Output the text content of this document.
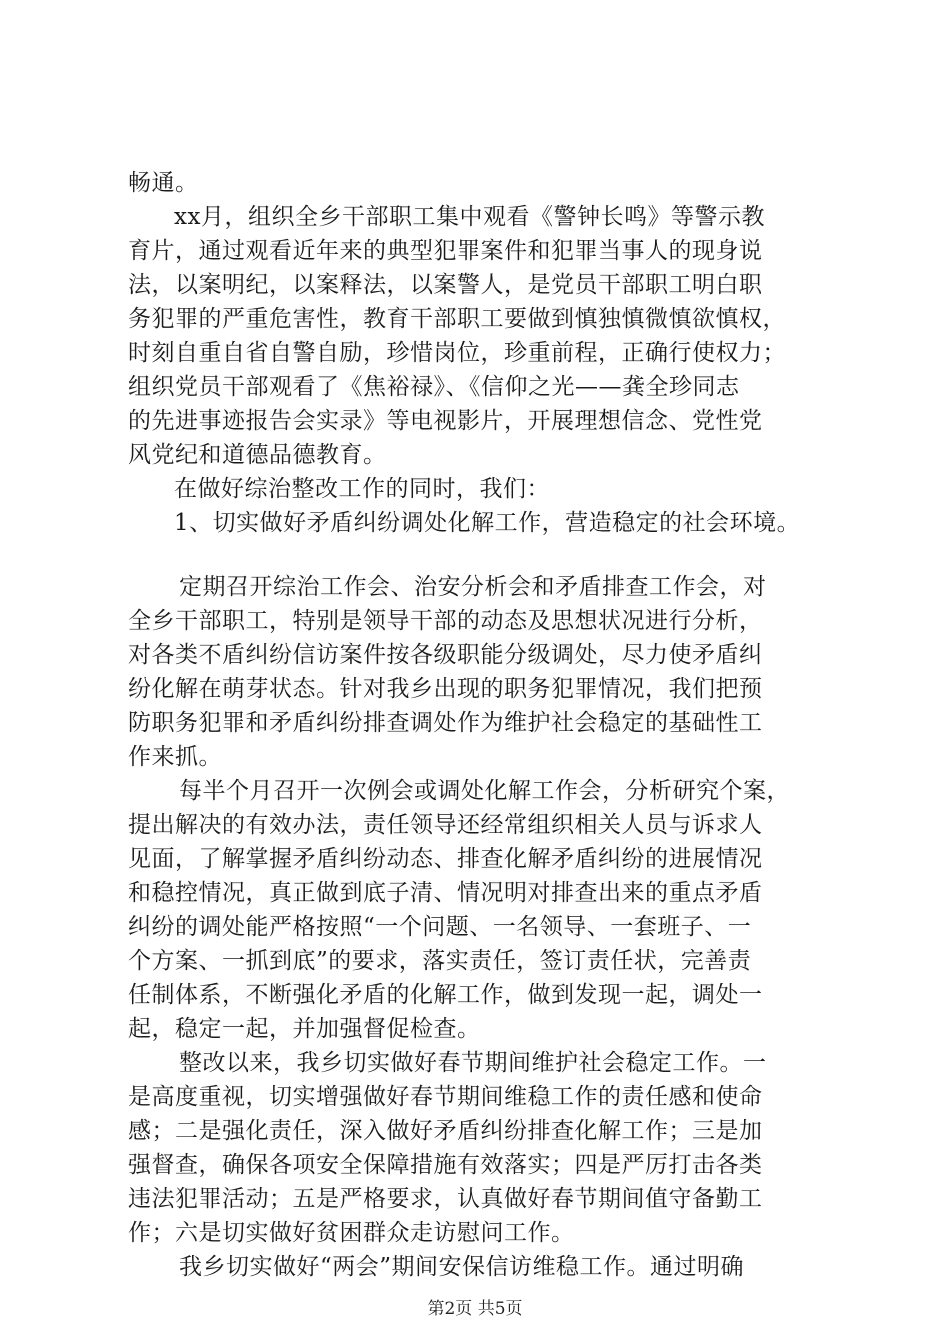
畅通。
xx月，组织全乡干部职工集中观看《警钟长鸣》等警示教
育片，通过观看近年来的典型犯罪案件和犯罪当事人的现身说
法，以案明纪，以案释法，以案警人，是党员干部职工明白职
务犯罪的严重危害性，教育干部职工要做到慎独慎微慎欲慎权，
时刻自重自省自警自励，珍惜岗位，珍重前程，正确行使权力；
组织党员干部观看了《焦裕禄》、《信仰之光——龚全珍同志
的先进事迹报告会实录》等电视影片，开展理想信念、党性党
风党纪和道德品德教育。
在做好综治整改工作的同时，我们：
1、切实做好矛盾纠纷调处化解工作，营造稳定的社会环境。
定期召开综治工作会、治安分析会和矛盾排查工作会，对
全乡干部职工，特别是领导干部的动态及思想状况进行分析，
对各类不盾纠纷信访案件按各级职能分级调处，尽力使矛盾纠
纷化解在萌芽状态。针对我乡出现的职务犯罪情况，我们把预
防职务犯罪和矛盾纠纷排查调处作为维护社会稳定的基础性工
作来抓。
每半个月召开一次例会或调处化解工作会，分析研究个案，
提出解决的有效办法，责任领导还经常组织相关人员与诉求人
见面，了解掌握矛盾纠纷动态、排查化解矛盾纠纷的进展情况
和稳控情况，真正做到底子清、情况明对排查出来的重点矛盾
纠纷的调处能严格按照“一个问题、一名领导、一套班子、一
个方案、一抓到底”的要求，落实责任，签订责任状，完善责
任制体系，不断强化矛盾的化解工作，做到发现一起，调处一
起，稳定一起，并加强督促检查。
整改以来，我乡切实做好春节期间维护社会稳定工作。一
是高度重视，切实增强做好春节期间维稳工作的责任感和使命
感；二是强化责任，深入做好矛盾纠纷排查化解工作；三是加
强督查，确保各项安全保障措施有效落实；四是严厉打击各类
违法犯罪活动；五是严格要求，认真做好春节期间值守备勤工
作；六是切实做好贫困群众走访慰问工作。
我乡切实做好“两会”期间安保信访维稳工作。通过明确
第2页 共5页
